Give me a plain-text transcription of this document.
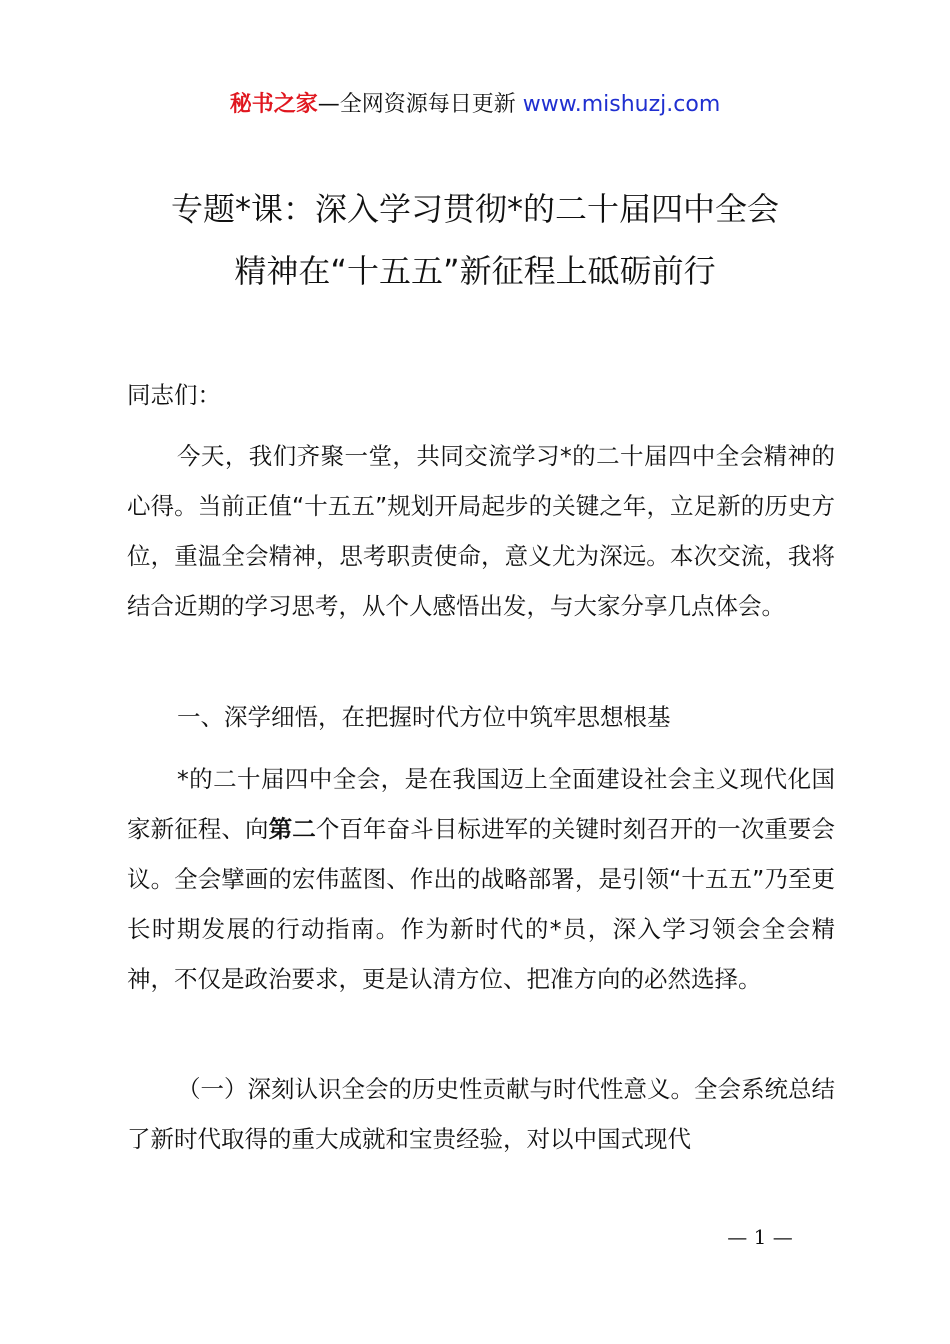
秘书之家—全网资源每日更新 www.mishuzj.com
专题*课：深入学习贯彻*的二十届四中全会
精神在“十五五”新征程上砥砺前行

同志们：

今天，我们齐聚一堂，共同交流学习*的二十届四中全会精神的心得。当前正值“十五五”规划开局起步的关键之年，立足新的历史方位，重温全会精神，思考职责使命，意义尤为深远。本次交流，我将结合近期的学习思考，从个人感悟出发，与大家分享几点体会。

一、深学细悟，在把握时代方位中筑牢思想根基

*的二十届四中全会，是在我国迈上全面建设社会主义现代化国家新征程、向第二个百年奋斗目标进军的关键时刻召开的一次重要会议。全会擘画的宏伟蓝图、作出的战略部署，是引领“十五五”乃至更长时期发展的行动指南。作为新时代的*员，深入学习领会全会精神，不仅是政治要求，更是认清方位、把准方向的必然选择。

（一）深刻认识全会的历史性贡献与时代性意义。全会系统总结了新时代取得的重大成就和宝贵经验，对以中国式现代

— 1 —
